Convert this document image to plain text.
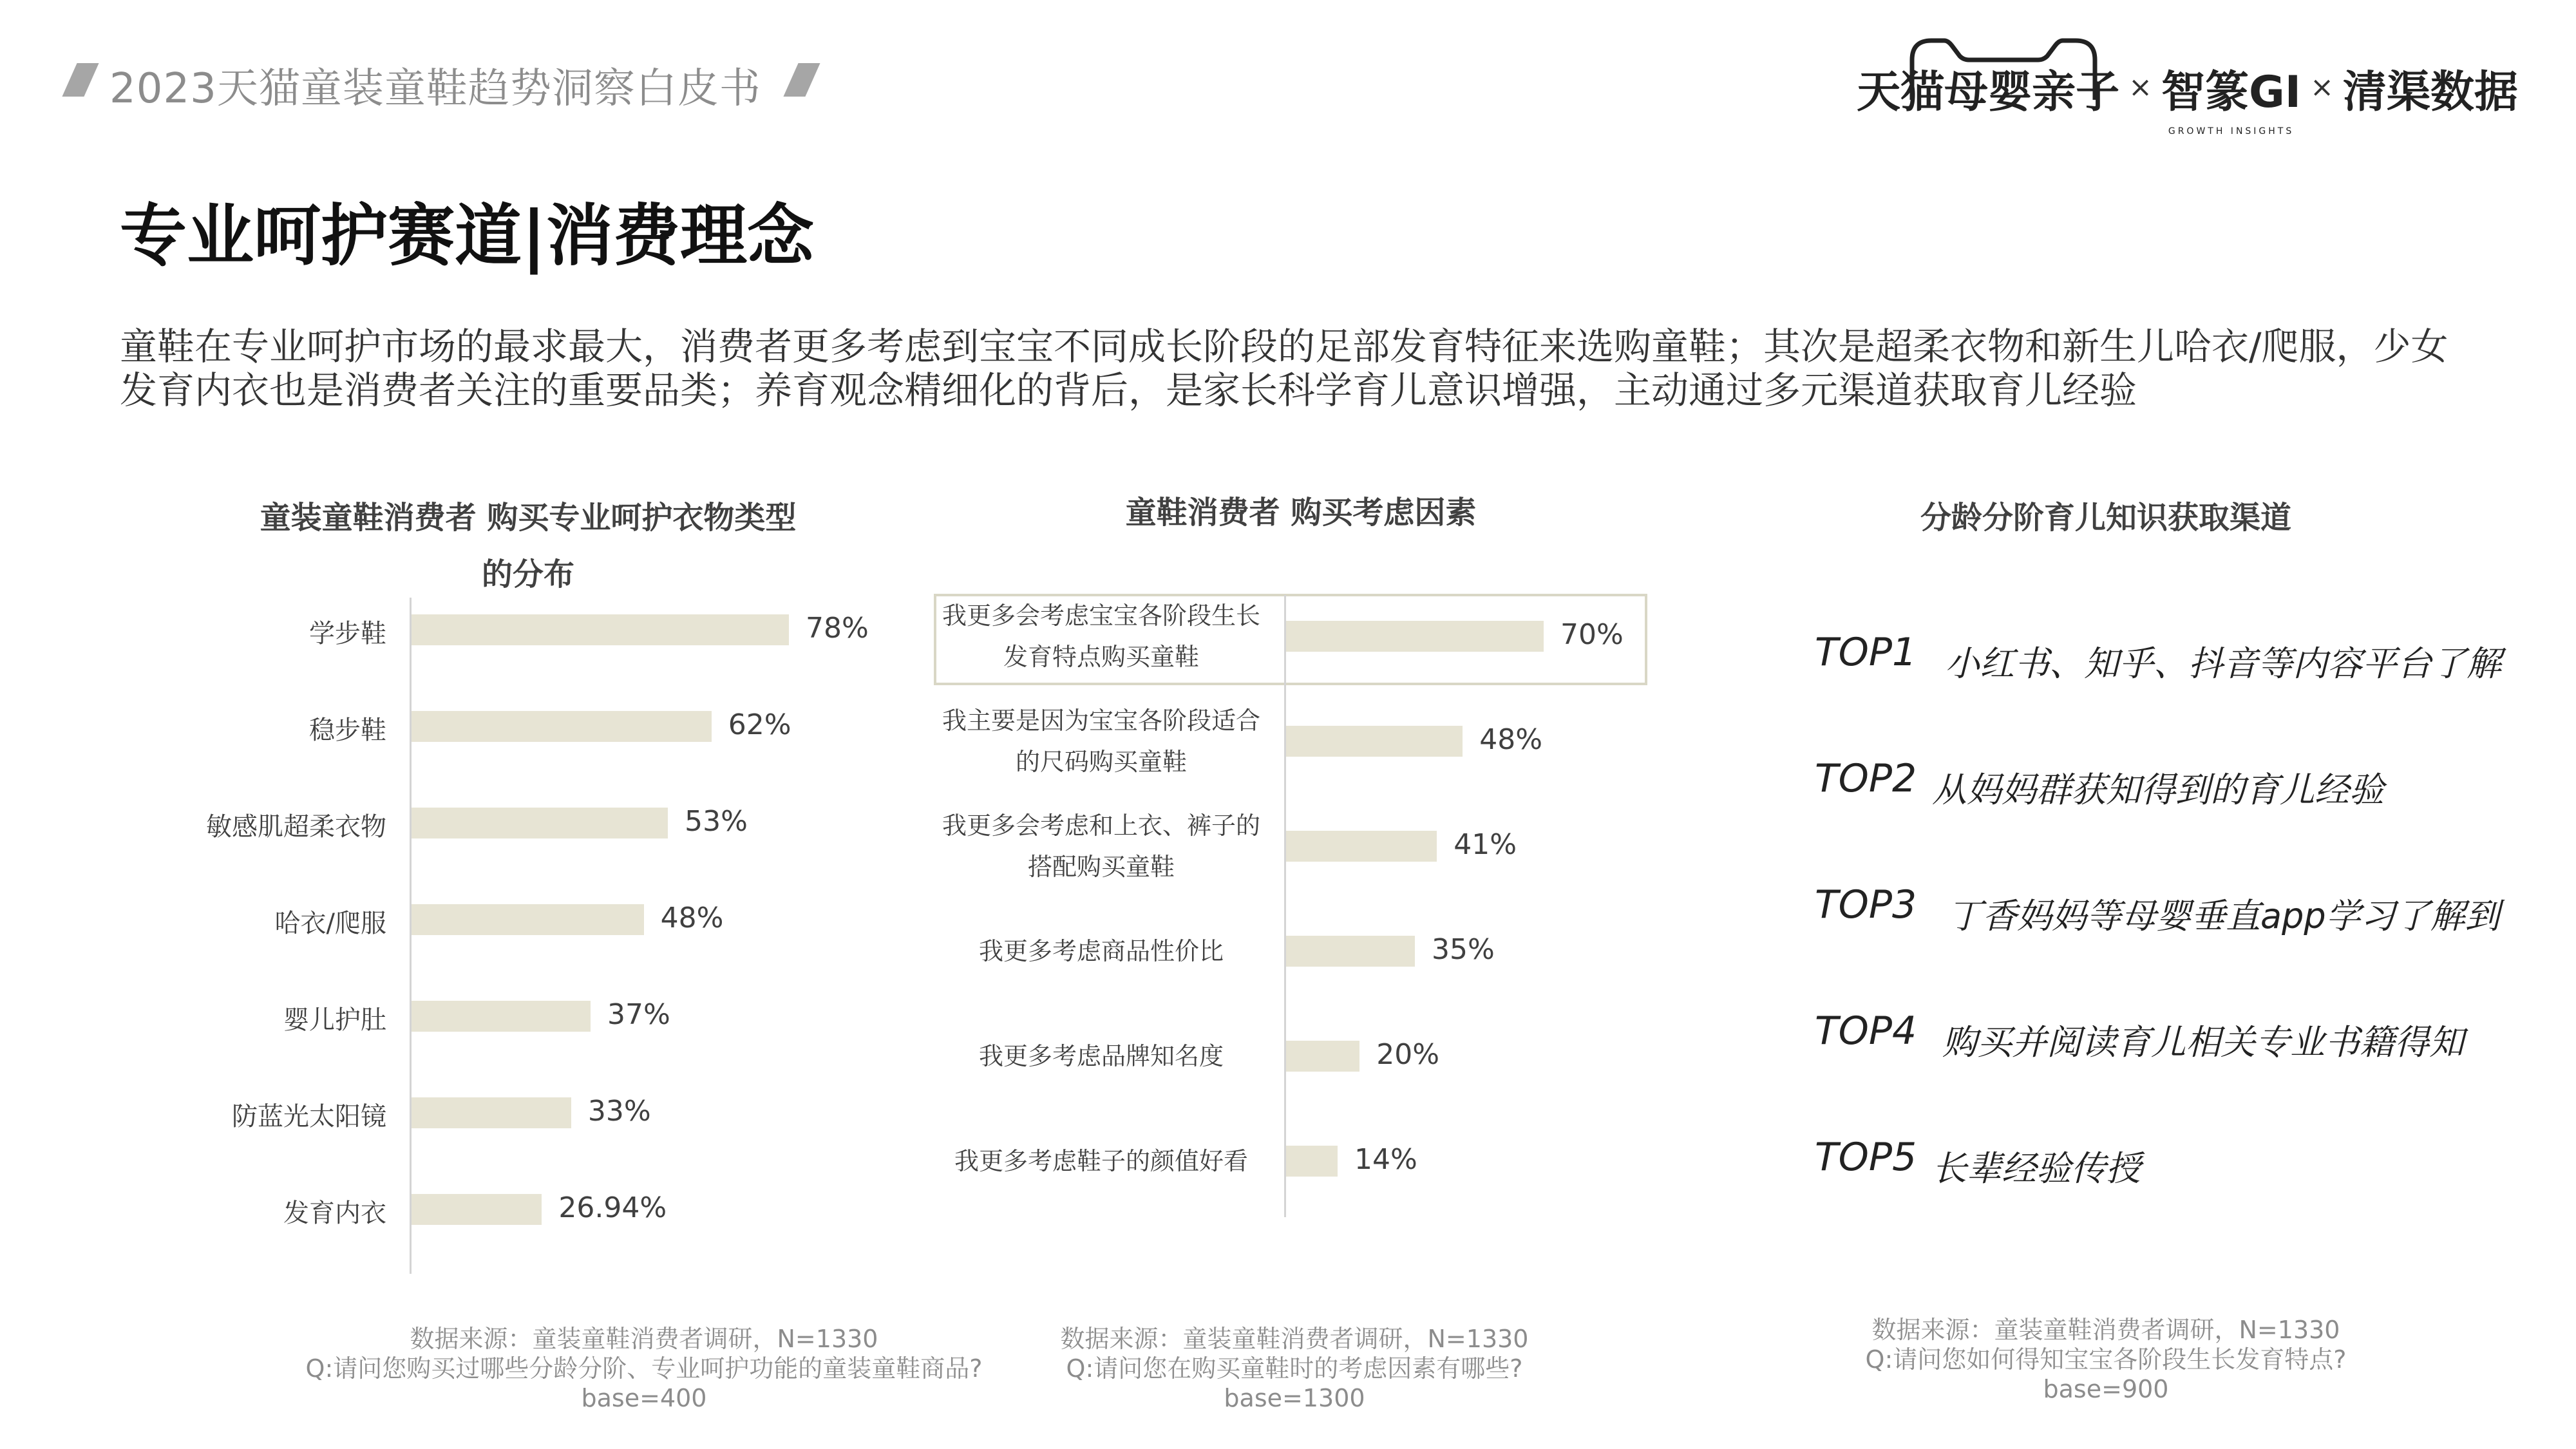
2023天猫童装童鞋趋势洞察白皮书	天猫母婴亲子 × 智篆GI
GROWTH INSIGHTS
× 清渠数据
专业呵护赛道|消费理念
童鞋在专业呵护市场的最求最大，消费者更多考虑到宝宝不同成长阶段的足部发育特征来选购童鞋；其次是超柔衣物和新生儿哈衣/爬服，少女发育内衣也是消费者关注的重要品类；养育观念精细化的背后，是家长科学育儿意识增强，主动通过多元渠道获取育儿经验
童装童鞋消费者 购买专业呵护衣物类型
的分布
学步鞋	78%
稳步鞋	62%
敏感肌超柔衣物	53%
哈衣/爬服	48%
婴儿护肚	37%
防蓝光太阳镜	33%
发育内衣	26.94%
数据来源：童装童鞋消费者调研，N=1330
Q:请问您购买过哪些分龄分阶、专业呵护功能的童装童鞋商品?
base=400
童鞋消费者 购买考虑因素
我更多会考虑宝宝各阶段生长
发育特点购买童鞋
70%
我主要是因为宝宝各阶段适合
的尺码购买童鞋
48%
我更多会考虑和上衣、裤子的
搭配购买童鞋
41%
我更多考虑商品性价比	35%
我更多考虑品牌知名度	20%
我更多考虑鞋子的颜值好看	14%
数据来源：童装童鞋消费者调研，N=1330
Q:请问您在购买童鞋时的考虑因素有哪些?
base=1300
分龄分阶育儿知识获取渠道
TOP1 小红书、知乎、抖音等内容平台了解
TOP2 从妈妈群获知得到的育儿经验
TOP3 丁香妈妈等母婴垂直app学习了解到
TOP4 购买并阅读育儿相关专业书籍得知
TOP5 长辈经验传授
数据来源：童装童鞋消费者调研，N=1330
Q:请问您如何得知宝宝各阶段生长发育特点?
base=900
